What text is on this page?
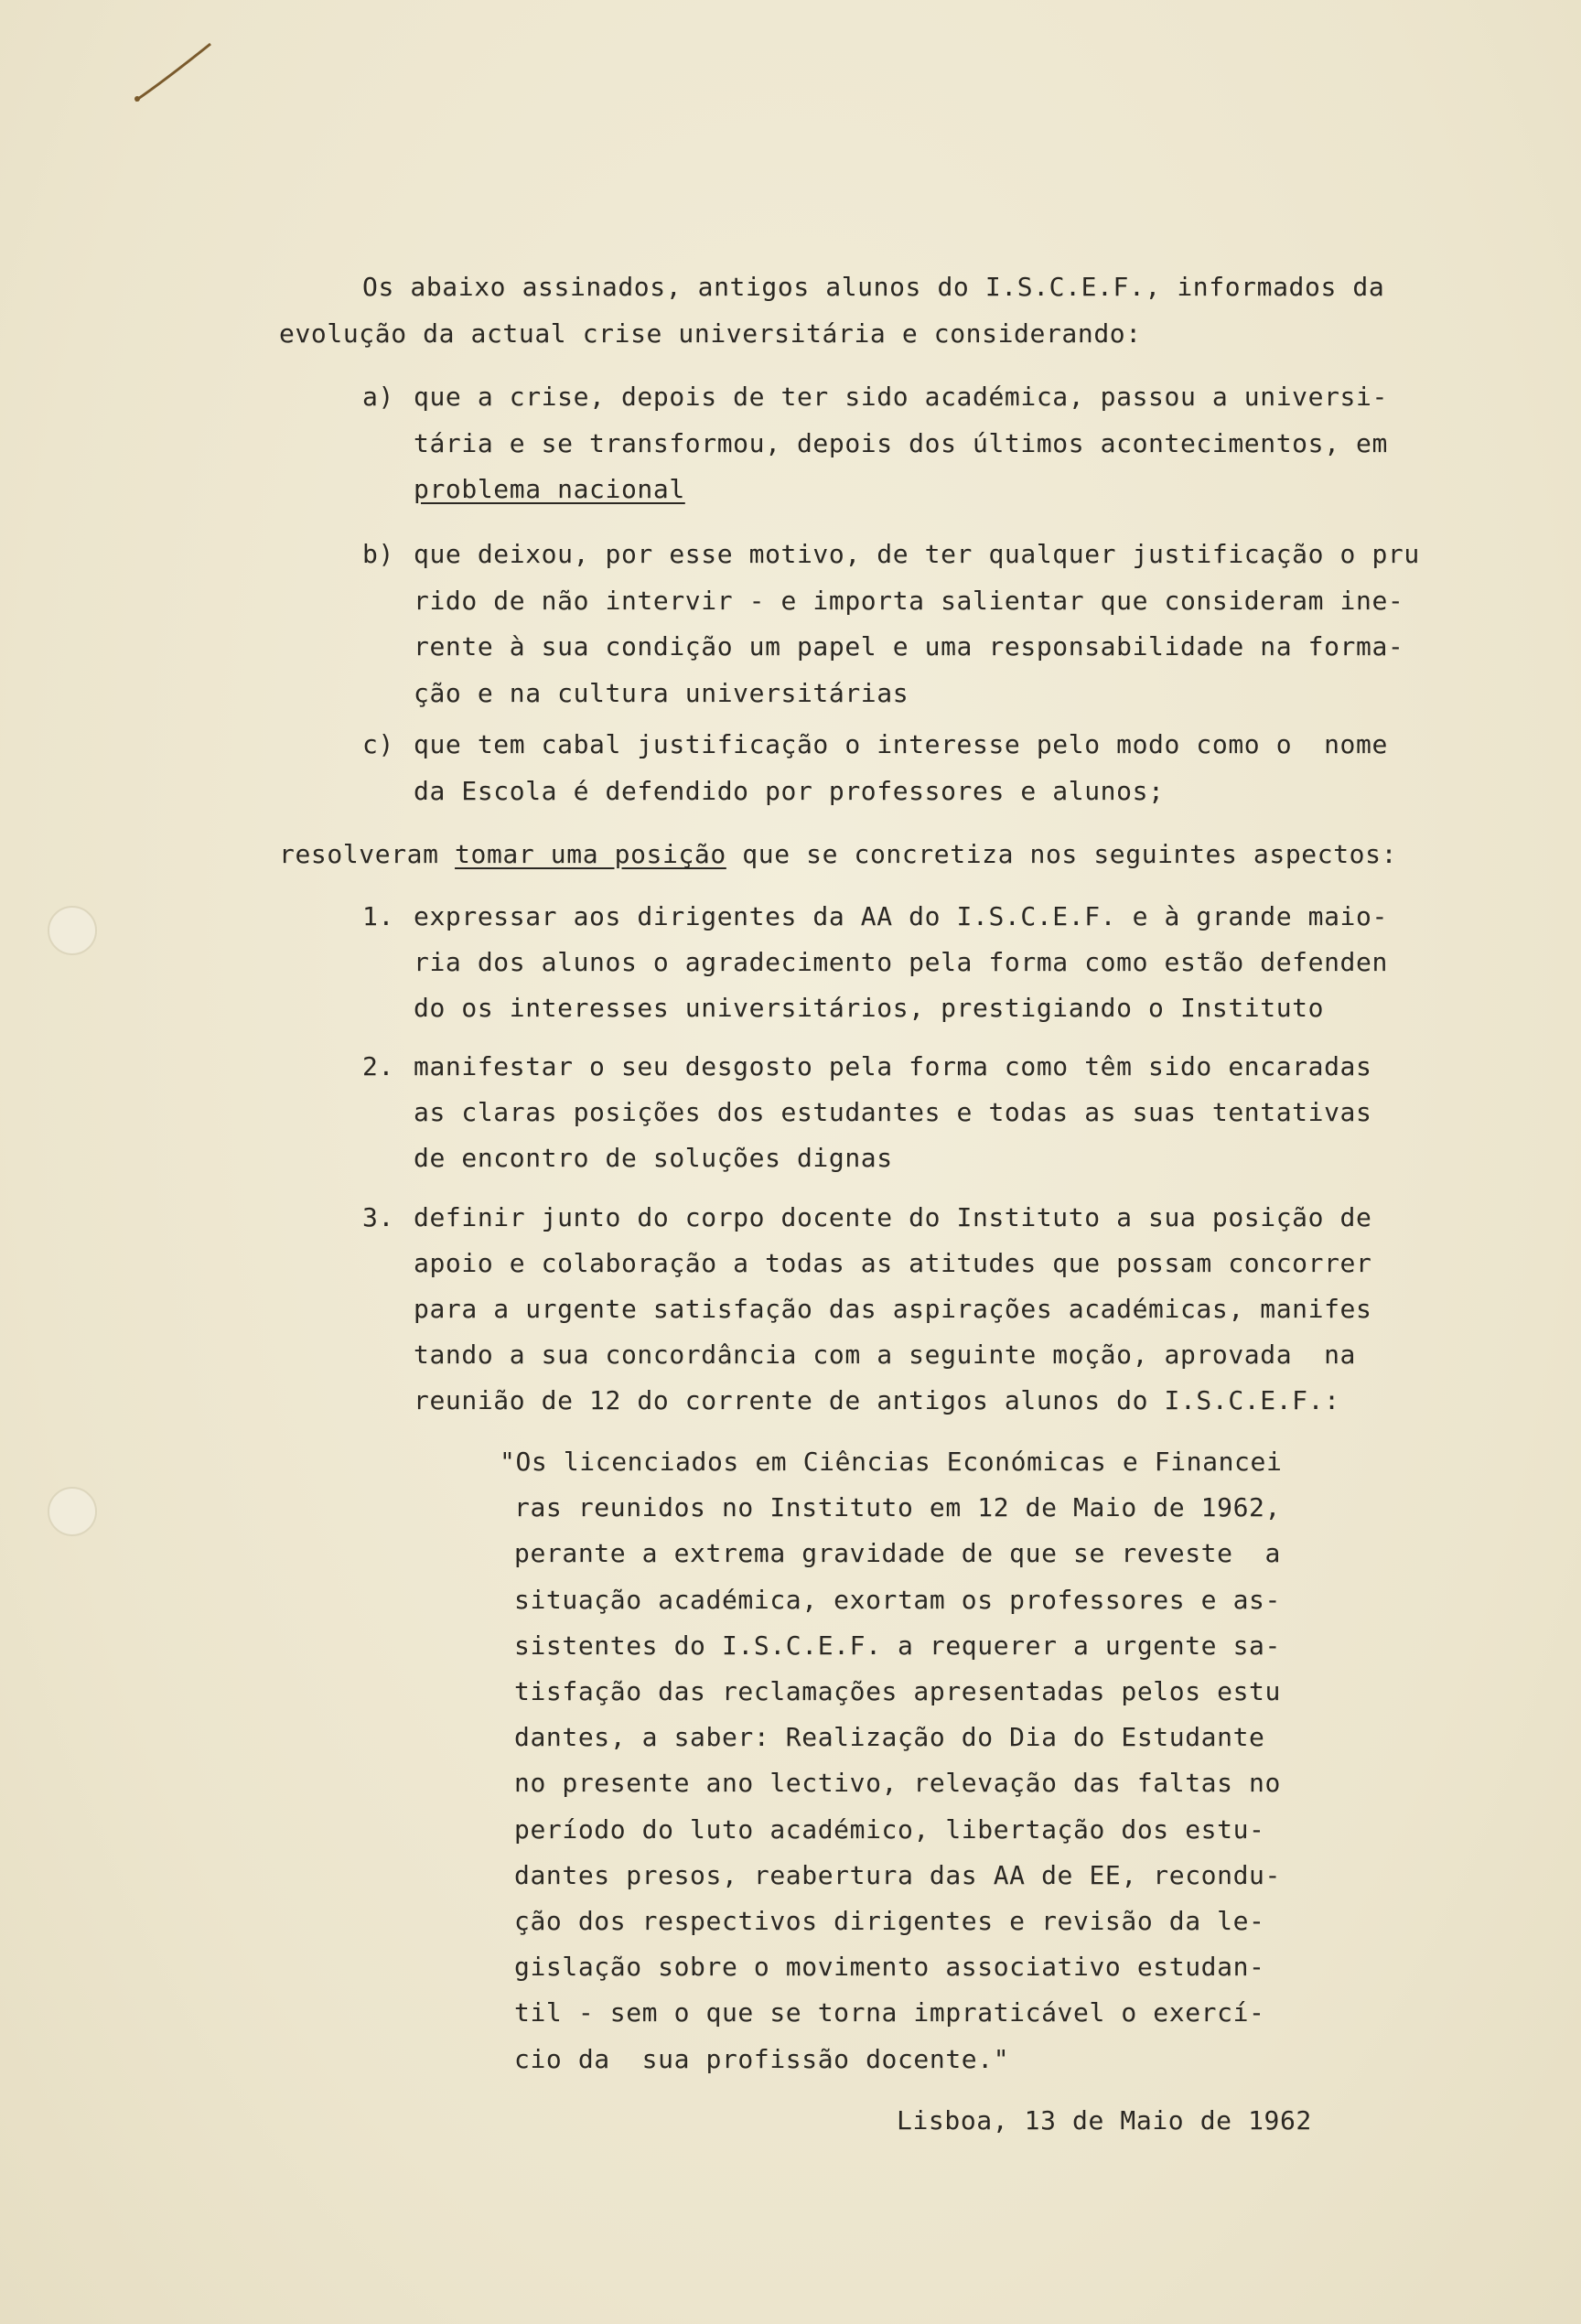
Os abaixo assinados, antigos alunos do I.S.C.E.F., informados da
evolução da actual crise universitária e considerando:
a) que a crise, depois de ter sido académica, passou a universi-
tária e se transformou, depois dos últimos acontecimentos, em
problema nacional
b) que deixou, por esse motivo, de ter qualquer justificação o pru
rido de não intervir - e importa salientar que consideram ine-
rente à sua condição um papel e uma responsabilidade na forma-
ção e na cultura universitárias
c) que tem cabal justificação o interesse pelo modo como o  nome
da Escola é defendido por professores e alunos;
resolveram tomar uma posição que se concretiza nos seguintes aspectos:
1. expressar aos dirigentes da AA do I.S.C.E.F. e à grande maio-
ria dos alunos o agradecimento pela forma como estão defenden
do os interesses universitários, prestigiando o Instituto
2. manifestar o seu desgosto pela forma como têm sido encaradas
as claras posições dos estudantes e todas as suas tentativas
de encontro de soluções dignas
3. definir junto do corpo docente do Instituto a sua posição de
apoio e colaboração a todas as atitudes que possam concorrer
para a urgente satisfação das aspirações académicas, manifes
tando a sua concordância com a seguinte moção, aprovada  na
reunião de 12 do corrente de antigos alunos do I.S.C.E.F.:
"Os licenciados em Ciências Económicas e Financei
ras reunidos no Instituto em 12 de Maio de 1962,
perante a extrema gravidade de que se reveste  a
situação académica, exortam os professores e as-
sistentes do I.S.C.E.F. a requerer a urgente sa-
tisfação das reclamações apresentadas pelos estu
dantes, a saber: Realização do Dia do Estudante
no presente ano lectivo, relevação das faltas no
período do luto académico, libertação dos estu-
dantes presos, reabertura das AA de EE, recondu-
ção dos respectivos dirigentes e revisão da le-
gislação sobre o movimento associativo estudan-
til - sem o que se torna impraticável o exercí-
cio da  sua profissão docente."
Lisboa, 13 de Maio de 1962
